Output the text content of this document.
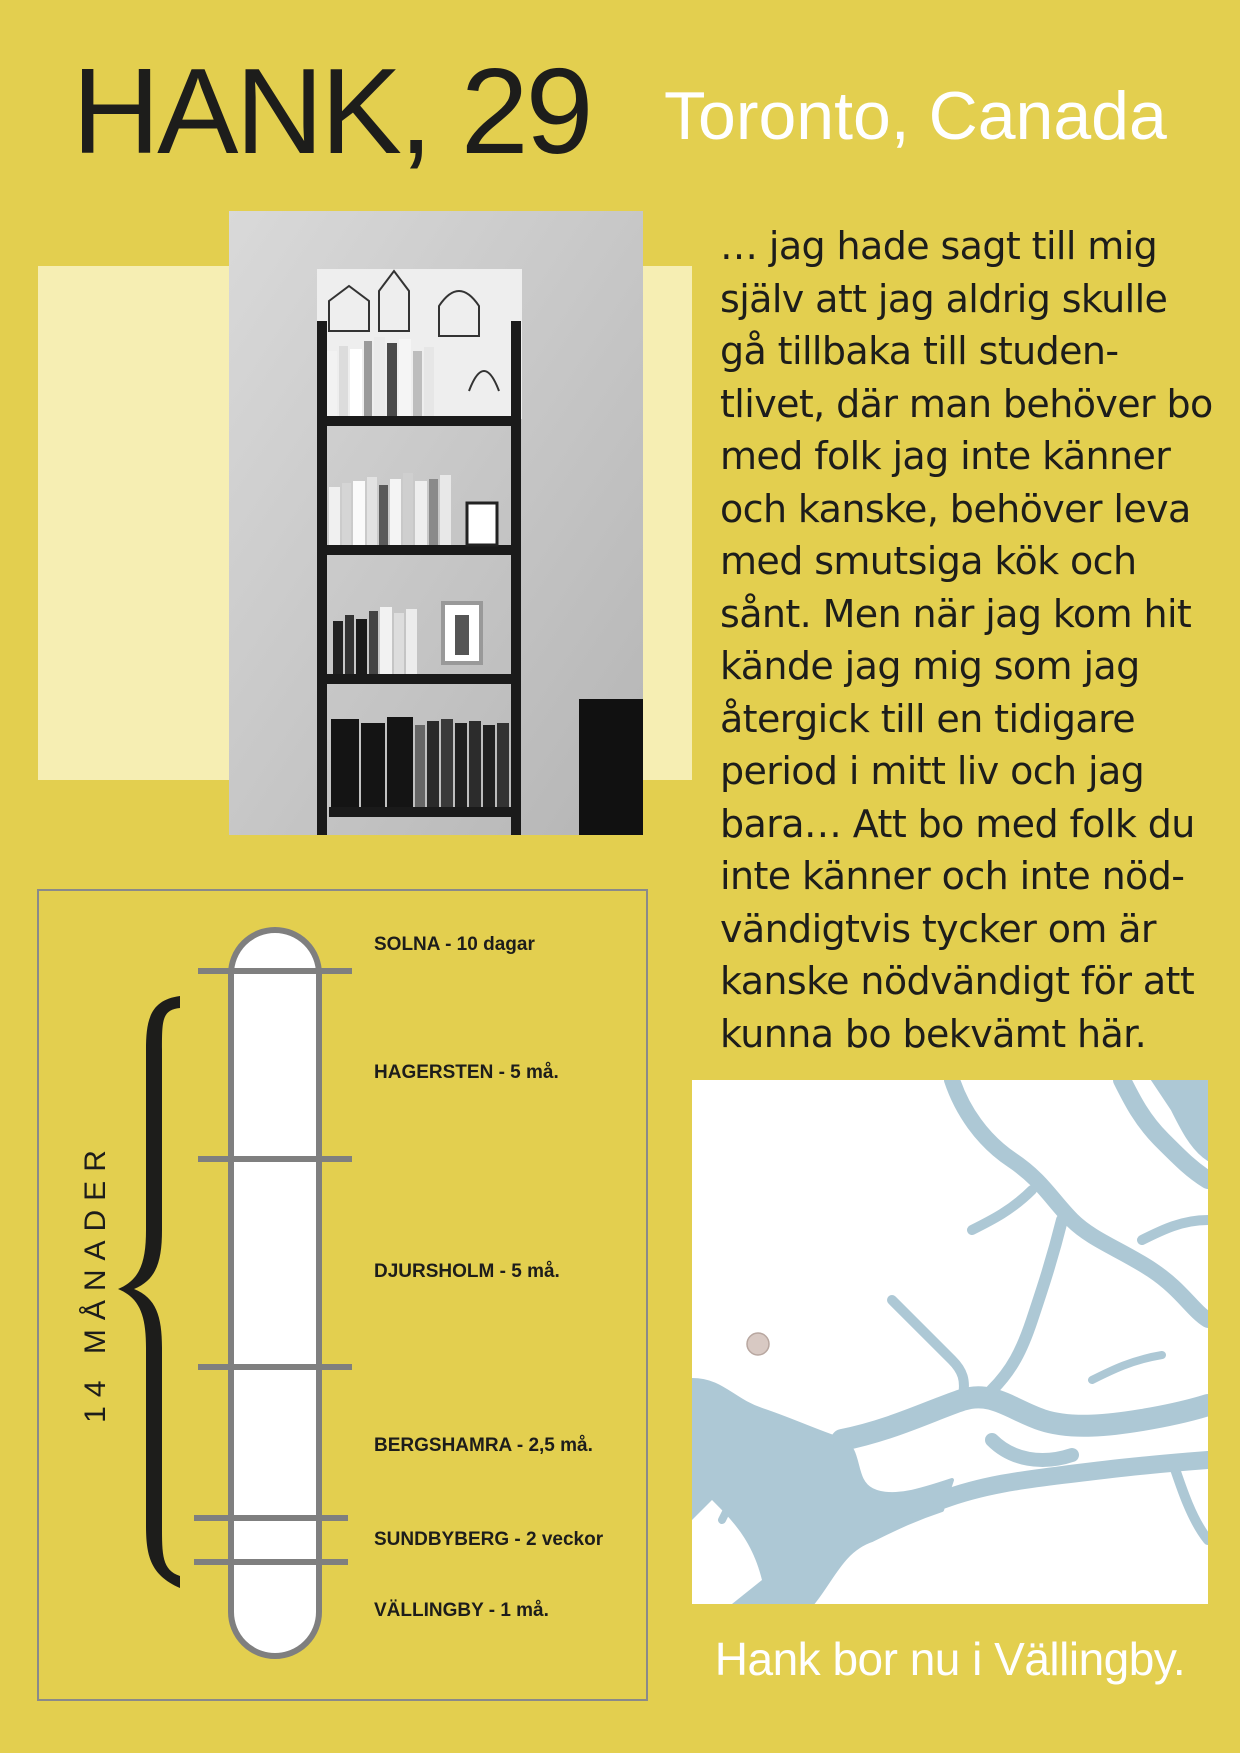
HANK, 29 Toronto, Canada
… jag hade sagt till mig
själv att jag aldrig skulle
gå tillbaka till studen-
tlivet, där man behöver bo
med folk jag inte känner
och kanske, behöver leva
med smutsiga kök och
sånt. Men när jag kom hit
kände jag mig som jag
återgick till en tidigare
period i mitt liv och jag
bara… Att bo med folk du
inte känner och inte nöd-
vändigtvis tycker om är
kanske nödvändigt för att
kunna bo bekvämt här.
14 MÅNADER
SOLNA - 10 dagar
HAGERSTEN - 5 må.
DJURSHOLM - 5 må.
BERGSHAMRA - 2,5 må.
SUNDBYBERG - 2 veckor
VÄLLINGBY - 1 må.
Hank bor nu i Vällingby.
